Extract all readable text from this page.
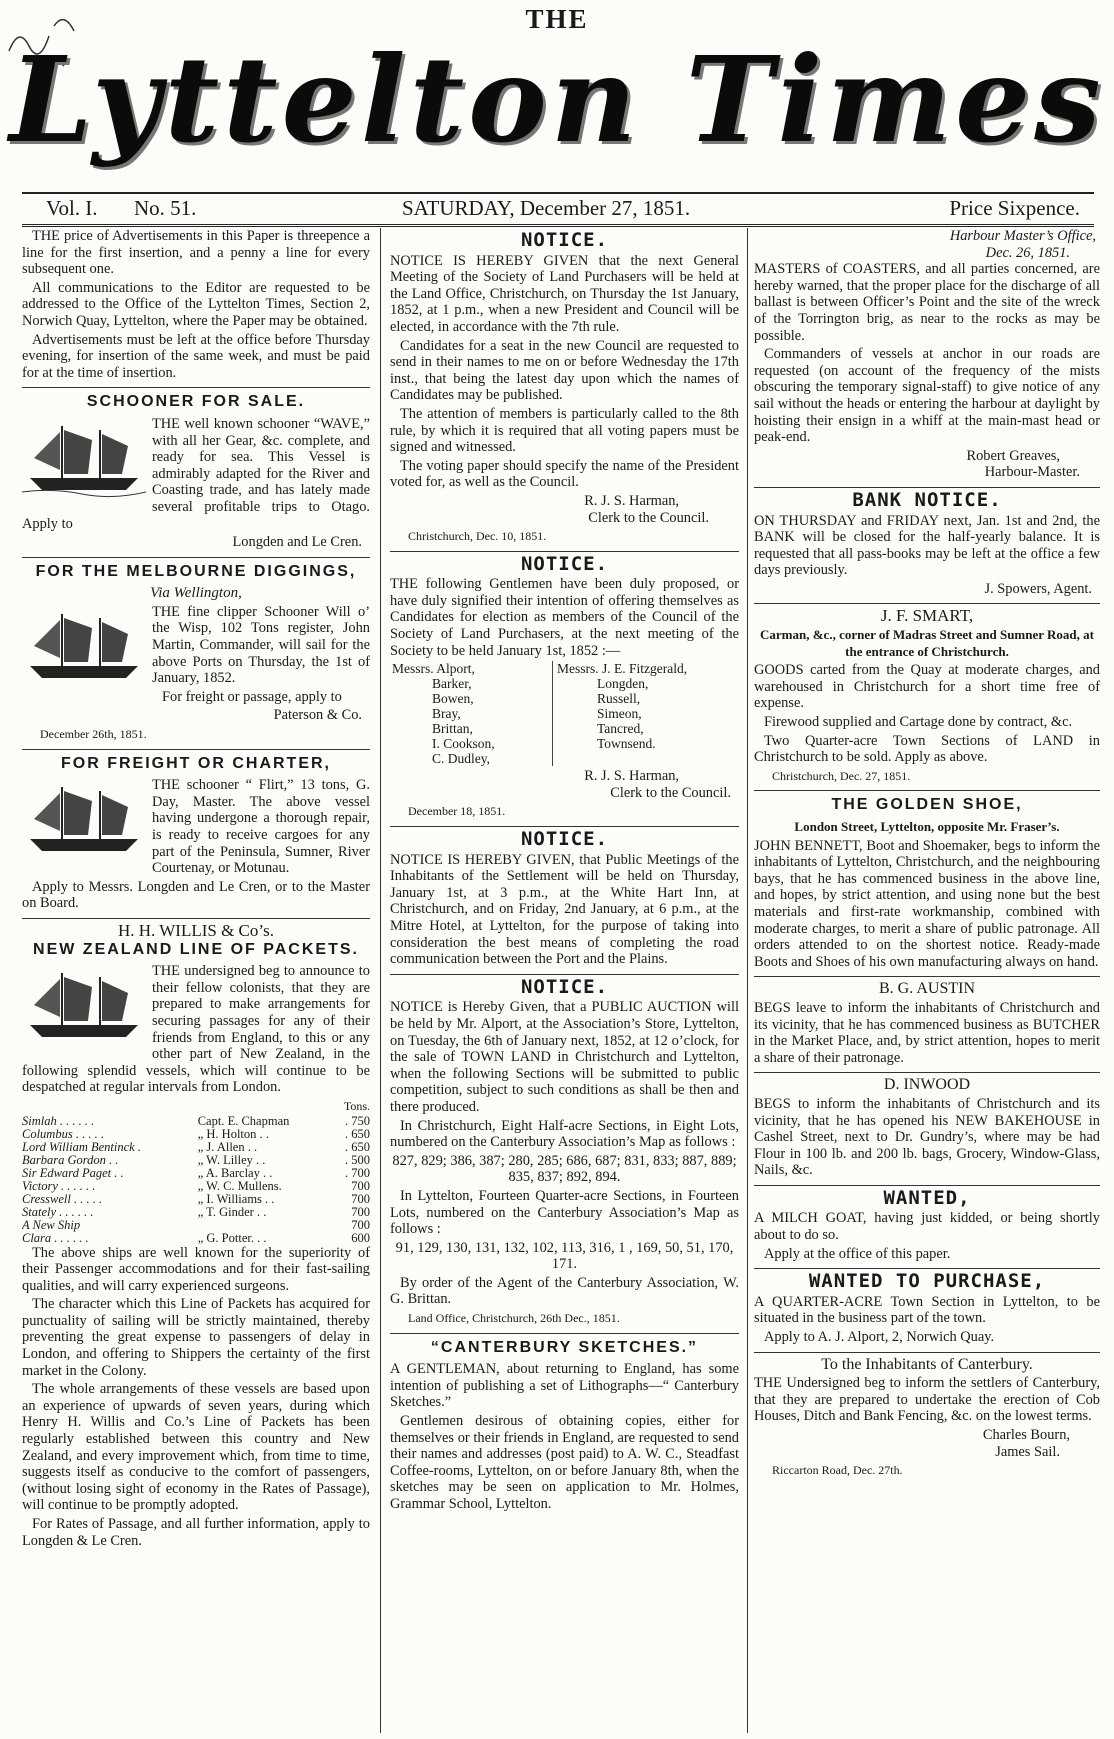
THE
Lyttelton Times
Vol. I. No. 51.	SATURDAY, December 27, 1851.	Price Sixpence.

THE price of Advertisements in this Paper is threepence a line for the first insertion, and a penny a line for every subsequent one.

All communications to the Editor are requested to be addressed to the Office of the Lyttelton Times, Section 2, Norwich Quay, Lyttelton, where the Paper may be obtained.

Advertisements must be left at the office before Thursday evening, for insertion of the same week, and must be paid for at the time of insertion.

SCHOONER FOR SALE.

THE well known schooner “WAVE,” with all her Gear, &c. complete, and ready for sea. This Vessel is admirably adapted for the River and Coasting trade, and has lately made several profitable trips to Otago. Apply to

Longden and Le Cren.

FOR THE MELBOURNE DIGGINGS,
Via Wellington,

THE fine clipper Schooner Will o’ the Wisp, 102 Tons register, John Martin, Commander, will sail for the above Ports on Thursday, the 1st of January, 1852.

For freight or passage, apply to

Paterson & Co.

December 26th, 1851.

FOR FREIGHT OR CHARTER,

THE schooner “ Flirt,” 13 tons, G. Day, Master. The above vessel having undergone a thorough repair, is ready to receive cargoes for any part of the Peninsula, Sumner, River Courtenay, or Motunau.

Apply to Messrs. Longden and Le Cren, or to the Master on Board.

H. H. WILLIS & Co’s.
NEW ZEALAND LINE OF PACKETS.

THE undersigned beg to announce to their fellow colonists, that they are prepared to make arrangements for securing passages for any of their friends from England, to this or any other part of New Zealand, in the following splendid vessels, which will continue to be despatched at regular intervals from London.

Tons.
Simlah . . . . . .	Capt. E. Chapman	. 750
Columbus . . . . .	„ H. Holton . .	. 650
Lord William Bentinck .	„ J. Allen . .	. 650
Barbara Gordon . .	„ W. Lilley . .	. 500
Sir Edward Paget . .	„ A. Barclay . .	. 700
Victory . . . . . .	„ W. C. Mullens.	700
Cresswell . . . . .	„ I. Williams . .	700
Stately . . . . . .	„ T. Ginder . .	700
A New Ship		700
Clara . . . . . .	„ G. Potter. . .	600

The above ships are well known for the superiority of their Passenger accommodations and for their fast-sailing qualities, and will carry experienced surgeons.

The character which this Line of Packets has acquired for punctuality of sailing will be strictly maintained, thereby preventing the great expense to passengers of delay in London, and offering to Shippers the certainty of the first market in the Colony.

The whole arrangements of these vessels are based upon an experience of upwards of seven years, during which Henry H. Willis and Co.’s Line of Packets has been regularly established between this country and New Zealand, and every improvement which, from time to time, suggests itself as conducive to the comfort of passengers, (without losing sight of economy in the Rates of Passage), will continue to be promptly adopted.

For Rates of Passage, and all further information, apply to Longden & Le Cren.

NOTICE.

NOTICE IS HEREBY GIVEN that the next General Meeting of the Society of Land Purchasers will be held at the Land Office, Christchurch, on Thursday the 1st January, 1852, at 1 p.m., when a new President and Council will be elected, in accordance with the 7th rule.

Candidates for a seat in the new Council are requested to send in their names to me on or before Wednesday the 17th inst., that being the latest day upon which the names of Candidates may be published.

The attention of members is particularly called to the 8th rule, by which it is required that all voting papers must be signed and witnessed.

The voting paper should specify the name of the President voted for, as well as the Council.

R. J. S. Harman,

Clerk to the Council.

Christchurch, Dec. 10, 1851.

NOTICE.

THE following Gentlemen have been duly proposed, or have duly signified their intention of offering themselves as Candidates for election as members of the Council of the Society of Land Purchasers, at the next meeting of the Society to be held January 1st, 1852 :—

Messrs. Alport,
Barker,
Bowen,
Bray,
Brittan,
I. Cookson,
C. Dudley,
Messrs. J. E. Fitzgerald,
Longden,
Russell,
Simeon,
Tancred,
Townsend.

R. J. S. Harman,

Clerk to the Council.

December 18, 1851.

NOTICE.

NOTICE IS HEREBY GIVEN, that Public Meetings of the Inhabitants of the Settlement will be held on Thursday, January 1st, at 3 p.m., at the White Hart Inn, at Christchurch, and on Friday, 2nd January, at 6 p.m., at the Mitre Hotel, at Lyttelton, for the purpose of taking into consideration the best means of completing the road communication between the Port and the Plains.

NOTICE.

NOTICE is Hereby Given, that a PUBLIC AUCTION will be held by Mr. Alport, at the Association’s Store, Lyttelton, on Tuesday, the 6th of January next, 1852, at 12 o’clock, for the sale of TOWN LAND in Christchurch and Lyttelton, when the following Sections will be submitted to public competition, subject to such conditions as shall be then and there produced.

In Christchurch, Eight Half-acre Sections, in Eight Lots, numbered on the Canterbury Association’s Map as follows :

827, 829; 386, 387; 280, 285; 686, 687; 831, 833; 887, 889; 835, 837; 892, 894.

In Lyttelton, Fourteen Quarter-acre Sections, in Fourteen Lots, numbered on the Canterbury Association’s Map as follows :

91, 129, 130, 131, 132, 102, 113, 316, 1 , 169, 50, 51, 170, 171.

By order of the Agent of the Canterbury Association, W. G. Brittan.

Land Office, Christchurch, 26th Dec., 1851.

“CANTERBURY SKETCHES.”

A GENTLEMAN, about returning to England, has some intention of publishing a set of Lithographs—“ Canterbury Sketches.”

Gentlemen desirous of obtaining copies, either for themselves or their friends in England, are requested to send their names and addresses (post paid) to A. W. C., Steadfast Coffee-rooms, Lyttelton, on or before January 8th, when the sketches may be seen on application to Mr. Holmes, Grammar School, Lyttelton.

Harbour Master’s Office,

Dec. 26, 1851.

MASTERS of COASTERS, and all parties concerned, are hereby warned, that the proper place for the discharge of all ballast is between Officer’s Point and the site of the wreck of the Torrington brig, as near to the rocks as may be possible.

Commanders of vessels at anchor in our roads are requested (on account of the frequency of the mists obscuring the temporary signal-staff) to give notice of any sail without the heads or entering the harbour at daylight by hoisting their ensign in a whiff at the main-mast head or peak-end.

Robert Greaves,

Harbour-Master.

BANK NOTICE.

ON THURSDAY and FRIDAY next, Jan. 1st and 2nd, the BANK will be closed for the half-yearly balance. It is requested that all pass-books may be left at the office a few days previously.

J. Spowers, Agent.

J. F. SMART,
Carman, &c., corner of Madras Street and Sumner Road, at the entrance of Christchurch.

GOODS carted from the Quay at moderate charges, and warehoused in Christchurch for a short time free of expense.

Firewood supplied and Cartage done by contract, &c.

Two Quarter-acre Town Sections of LAND in Christchurch to be sold. Apply as above.

Christchurch, Dec. 27, 1851.

THE GOLDEN SHOE,
London Street, Lyttelton, opposite Mr. Fraser’s.

JOHN BENNETT, Boot and Shoemaker, begs to inform the inhabitants of Lyttelton, Christchurch, and the neighbouring bays, that he has commenced business in the above line, and hopes, by strict attention, and using none but the best materials and first-rate workmanship, combined with moderate charges, to merit a share of public patronage. All orders attended to on the shortest notice. Ready-made Boots and Shoes of his own manufacturing always on hand.

B. G. AUSTIN

BEGS leave to inform the inhabitants of Christchurch and its vicinity, that he has commenced business as BUTCHER in the Market Place, and, by strict attention, hopes to merit a share of their patronage.

D. INWOOD

BEGS to inform the inhabitants of Christchurch and its vicinity, that he has opened his NEW BAKEHOUSE in Cashel Street, next to Dr. Gundry’s, where may be had Flour in 100 lb. and 200 lb. bags, Grocery, Window-Glass, Nails, &c.

WANTED,

A MILCH GOAT, having just kidded, or being shortly about to do so.

Apply at the office of this paper.

WANTED TO PURCHASE,

A QUARTER-ACRE Town Section in Lyttelton, to be situated in the business part of the town.

Apply to A. J. Alport, 2, Norwich Quay.

To the Inhabitants of Canterbury.

THE Undersigned beg to inform the settlers of Canterbury, that they are prepared to undertake the erection of Cob Houses, Ditch and Bank Fencing, &c. on the lowest terms.

Charles Bourn,

James Sail.

Riccarton Road, Dec. 27th.
